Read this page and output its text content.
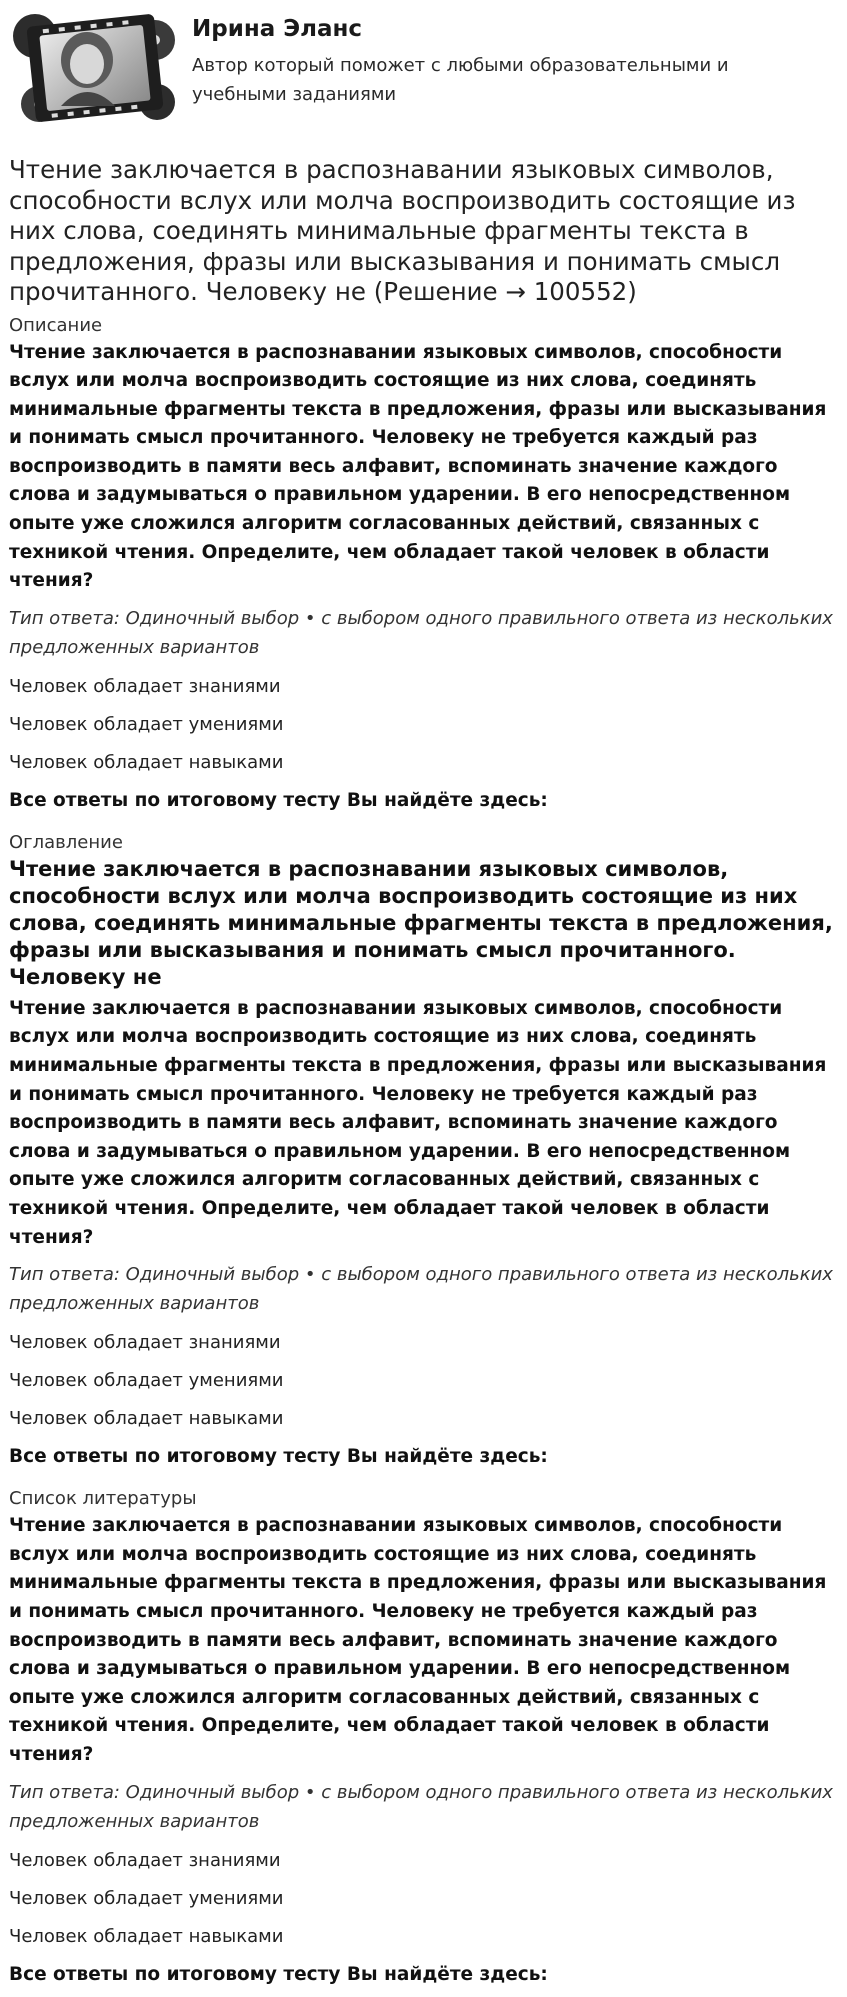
Ирина Эланс
Автор который поможет с любыми образовательными и
учебными заданиями
Чтение заключается в распознавании языковых символов, способности вслух или молча воспроизводить состоящие из них слова, соединять минимальные фрагменты текста в предложения, фразы или высказывания и понимать смысл прочитанного. Человеку не (Решение → 100552)
Описание
Чтение заключается в распознавании языковых символов, способности вслух или молча воспроизводить состоящие из них слова, соединять минимальные фрагменты текста в предложения, фразы или высказывания и понимать смысл прочитанного. Человеку не требуется каждый раз воспроизводить в памяти весь алфавит, вспоминать значение каждого слова и задумываться о правильном ударении. В его непосредственном опыте уже сложился алгоритм согласованных действий, связанных с техникой чтения. Определите, чем обладает такой человек в области чтения?
Тип ответа: Одиночный выбор • с выбором одного правильного ответа из нескольких предложенных вариантов
Человек обладает знаниями
Человек обладает умениями
Человек обладает навыками
Все ответы по итоговому тесту Вы найдёте здесь:
Оглавление
Чтение заключается в распознавании языковых символов, способности вслух или молча воспроизводить состоящие из них слова, соединять минимальные фрагменты текста в предложения, фразы или высказывания и понимать смысл прочитанного. Человеку не
Чтение заключается в распознавании языковых символов, способности вслух или молча воспроизводить состоящие из них слова, соединять минимальные фрагменты текста в предложения, фразы или высказывания и понимать смысл прочитанного. Человеку не требуется каждый раз воспроизводить в памяти весь алфавит, вспоминать значение каждого слова и задумываться о правильном ударении. В его непосредственном опыте уже сложился алгоритм согласованных действий, связанных с техникой чтения. Определите, чем обладает такой человек в области чтения?
Тип ответа: Одиночный выбор • с выбором одного правильного ответа из нескольких предложенных вариантов
Человек обладает знаниями
Человек обладает умениями
Человек обладает навыками
Все ответы по итоговому тесту Вы найдёте здесь:
Список литературы
Чтение заключается в распознавании языковых символов, способности вслух или молча воспроизводить состоящие из них слова, соединять минимальные фрагменты текста в предложения, фразы или высказывания и понимать смысл прочитанного. Человеку не требуется каждый раз воспроизводить в памяти весь алфавит, вспоминать значение каждого слова и задумываться о правильном ударении. В его непосредственном опыте уже сложился алгоритм согласованных действий, связанных с техникой чтения. Определите, чем обладает такой человек в области чтения?
Тип ответа: Одиночный выбор • с выбором одного правильного ответа из нескольких предложенных вариантов
Человек обладает знаниями
Человек обладает умениями
Человек обладает навыками
Все ответы по итоговому тесту Вы найдёте здесь:
